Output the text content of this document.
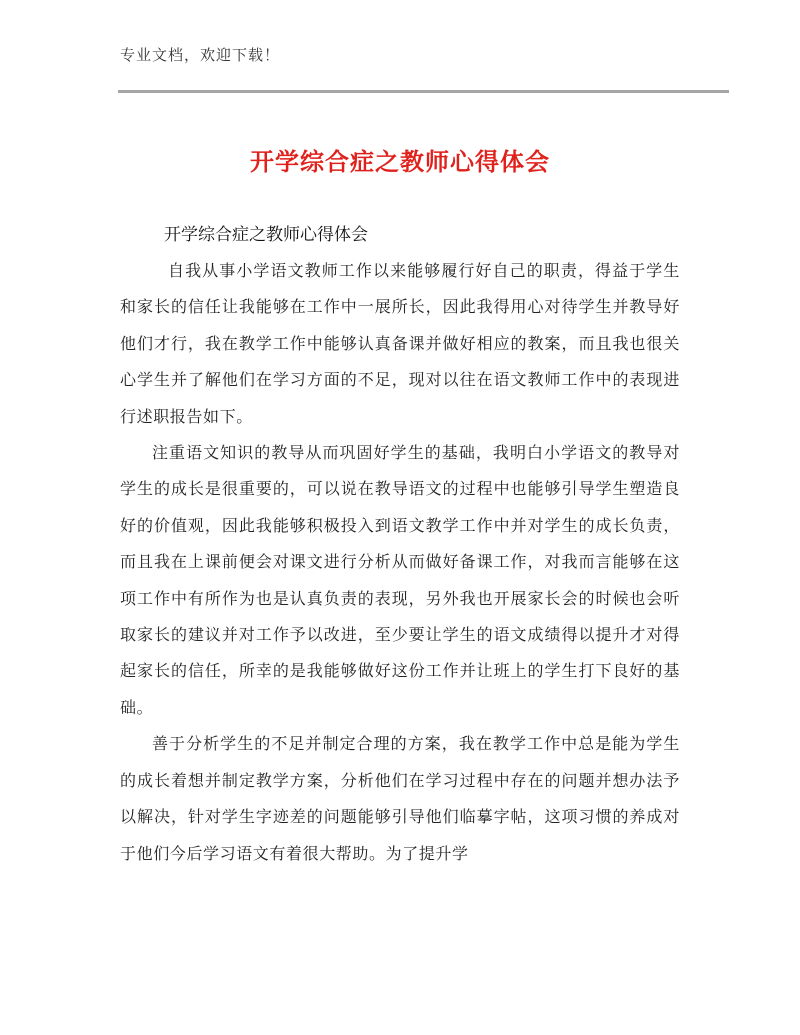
专业文档，欢迎下载！
开学综合症之教师心得体会
开学综合症之教师心得体会

自我从事小学语文教师工作以来能够履行好自己的职责，得益于学生和家长的信任让我能够在工作中一展所长，因此我得用心对待学生并教导好他们才行，我在教学工作中能够认真备课并做好相应的教案，而且我也很关心学生并了解他们在学习方面的不足，现对以往在语文教师工作中的表现进行述职报告如下。

注重语文知识的教导从而巩固好学生的基础，我明白小学语文的教导对学生的成长是很重要的，可以说在教导语文的过程中也能够引导学生塑造良好的价值观，因此我能够积极投入到语文教学工作中并对学生的成长负责，而且我在上课前便会对课文进行分析从而做好备课工作，对我而言能够在这项工作中有所作为也是认真负责的表现，另外我也开展家长会的时候也会听取家长的建议并对工作予以改进，至少要让学生的语文成绩得以提升才对得起家长的信任，所幸的是我能够做好这份工作并让班上的学生打下良好的基础。

善于分析学生的不足并制定合理的方案，我在教学工作中总是能为学生的成长着想并制定教学方案，分析他们在学习过程中存在的问题并想办法予以解决，针对学生字迹差的问题能够引导他们临摹字帖，这项习惯的养成对于他们今后学习语文有着很大帮助。为了提升学
